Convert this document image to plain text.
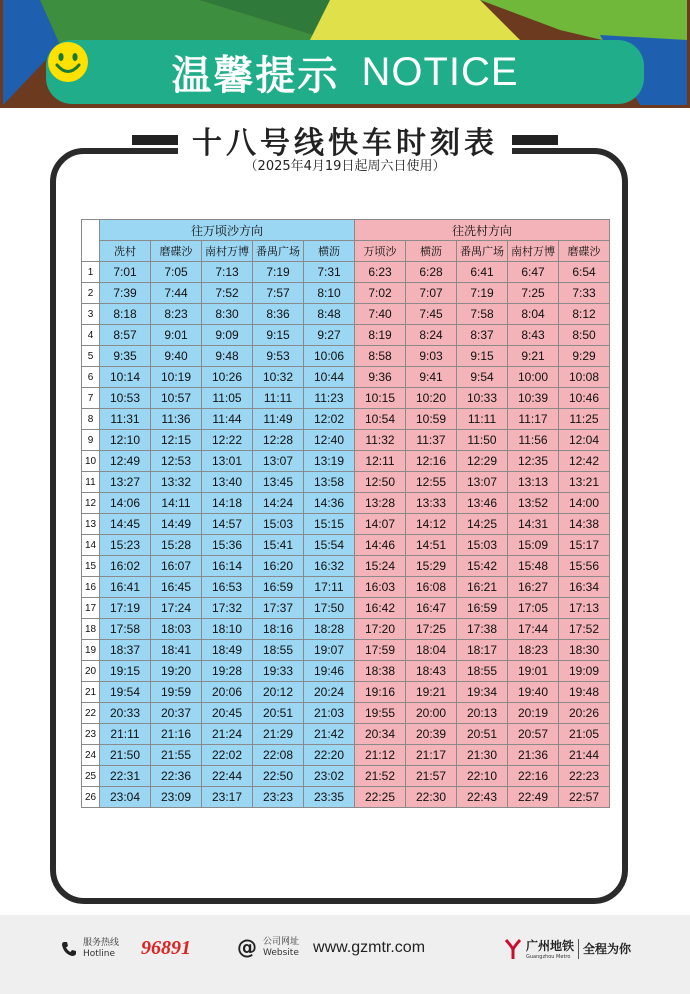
温馨提示 NOTICE
十八号线快车时刻表
（2025年4月19日起周六日使用）
	往万顷沙方向					往冼村方向				
	冼村	磨碟沙	南村万博	番禺广场	横沥	万顷沙	横沥	番禺广场	南村万博	磨碟沙
1	7:01	7:05	7:13	7:19	7:31	6:23	6:28	6:41	6:47	6:54
2	7:39	7:44	7:52	7:57	8:10	7:02	7:07	7:19	7:25	7:33
3	8:18	8:23	8:30	8:36	8:48	7:40	7:45	7:58	8:04	8:12
4	8:57	9:01	9:09	9:15	9:27	8:19	8:24	8:37	8:43	8:50
5	9:35	9:40	9:48	9:53	10:06	8:58	9:03	9:15	9:21	9:29
6	10:14	10:19	10:26	10:32	10:44	9:36	9:41	9:54	10:00	10:08
7	10:53	10:57	11:05	11:11	11:23	10:15	10:20	10:33	10:39	10:46
8	11:31	11:36	11:44	11:49	12:02	10:54	10:59	11:11	11:17	11:25
9	12:10	12:15	12:22	12:28	12:40	11:32	11:37	11:50	11:56	12:04
10	12:49	12:53	13:01	13:07	13:19	12:11	12:16	12:29	12:35	12:42
11	13:27	13:32	13:40	13:45	13:58	12:50	12:55	13:07	13:13	13:21
12	14:06	14:11	14:18	14:24	14:36	13:28	13:33	13:46	13:52	14:00
13	14:45	14:49	14:57	15:03	15:15	14:07	14:12	14:25	14:31	14:38
14	15:23	15:28	15:36	15:41	15:54	14:46	14:51	15:03	15:09	15:17
15	16:02	16:07	16:14	16:20	16:32	15:24	15:29	15:42	15:48	15:56
16	16:41	16:45	16:53	16:59	17:11	16:03	16:08	16:21	16:27	16:34
17	17:19	17:24	17:32	17:37	17:50	16:42	16:47	16:59	17:05	17:13
18	17:58	18:03	18:10	18:16	18:28	17:20	17:25	17:38	17:44	17:52
19	18:37	18:41	18:49	18:55	19:07	17:59	18:04	18:17	18:23	18:30
20	19:15	19:20	19:28	19:33	19:46	18:38	18:43	18:55	19:01	19:09
21	19:54	19:59	20:06	20:12	20:24	19:16	19:21	19:34	19:40	19:48
22	20:33	20:37	20:45	20:51	21:03	19:55	20:00	20:13	20:19	20:26
23	21:11	21:16	21:24	21:29	21:42	20:34	20:39	20:51	20:57	21:05
24	21:50	21:55	22:02	22:08	22:20	21:12	21:17	21:30	21:36	21:44
25	22:31	22:36	22:44	22:50	23:02	21:52	21:57	22:10	22:16	22:23
26	23:04	23:09	23:17	23:23	23:35	22:25	22:30	22:43	22:49	22:57
服务热线
Hotline 96891 @ 公司网址
Website www.gzmtr.com	广州地铁
Guangzhou Metro
全程为你
